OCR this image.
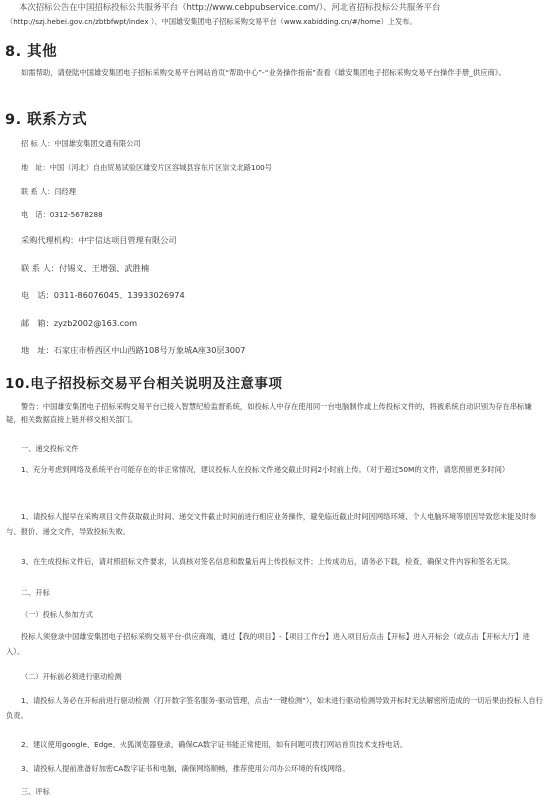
本次招标公告在中国招标投标公共服务平台（http://www.cebpubservice.com/）、河北省招标投标公共服务平台
（http://szj.hebei.gov.cn/zbtbfwpt/index ）、中国雄安集团电子招标采购交易平台（www.xabidding.cn/#/home）上发布。
8. 其他
如需帮助，请登陆中国雄安集团电子招标采购交易平台网站首页“帮助中心”-“业务操作指南”查看《雄安集团电子招标采购交易平台操作手册_供应商》。
9. 联系方式
招 标 人：中国雄安集团交通有限公司
地　址：中国（河北）自由贸易试验区雄安片区容城县容东片区崇文北路100号
联 系 人：闫经理
电　话：0312-5678288
采购代理机构：中宇信达项目管理有限公司
联 系 人：付锡义、王增强、武胜楠
电　话：0311-86076045、13933026974
邮　箱：zyzb2002@163.com
地　址：石家庄市桥西区中山西路108号万象城A座30层3007
10.电子招投标交易平台相关说明及注意事项
警告：中国雄安集团电子招标采购交易平台已接入智慧纪检监督系统，如投标人中存在使用同一台电脑制作或上传投标文件的，将被系统自动识别为存在串标嫌疑，相关数据直接上链并移交相关部门。
一、递交投标文件
1、充分考虑到网络及系统平台可能存在的非正常情况，建议投标人在投标文件递交截止时间2小时前上传。（对于超过50M的文件，请您预留更多时间）
1、请投标人提早在采购项目文件获取截止时间、递交文件截止时间前进行相应业务操作，避免临近截止时间因网络环境、个人电脑环境等原因导致您未能及时参与、报价、递交文件，导致投标失败。
3、在生成投标文件后，请对照招标文件要求，认真核对签名信息和数量后再上传投标文件；上传成功后，请务必下载，检查，确保文件内容和签名无误。
二、开标
（一）投标人参加方式
投标人须登录中国雄安集团电子招标采购交易平台-供应商端，通过【我的项目】-【项目工作台】进入项目后点击【开标】进入开标会（或点击【开标大厅】进入）。
（二）开标前必须进行驱动检测
1、请投标人务必在开标前进行驱动检测（打开数字签名服务-驱动管理，点击“一键检测”），如未进行驱动检测导致开标时无法解密所造成的一切后果由投标人自行负责。
2、建议使用google、Edge、火狐浏览器登录，确保CA数字证书能正常使用，如有问题可拨打网站首页技术支持电话。
3、请投标人提前准备好加密CA数字证书和电脑，确保网络顺畅，推荐使用公司办公环境的有线网络。
三、评标
